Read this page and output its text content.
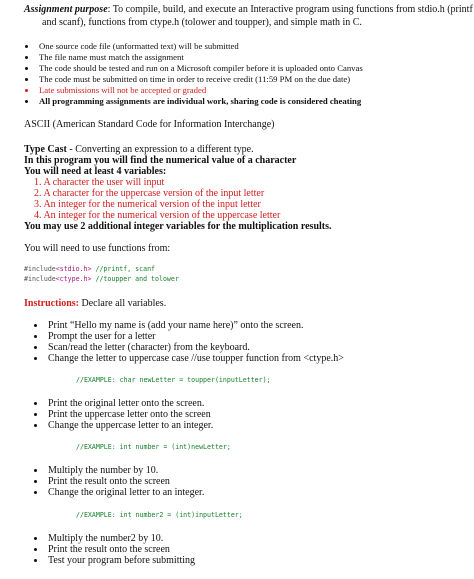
Assignment purpose: To compile, build, and execute an Interactive program using functions from stdio.h (printf
and scanf), functions from ctype.h (tolower and toupper), and simple math in C.
One source code file (unformatted text) will be submitted
The file name must match the assignment
The code should be tested and run on a Microsoft compiler before it is uploaded onto Canvas
The code must be submitted on time in order to receive credit (11:59 PM on the due date)
Late submissions will not be accepted or graded
All programming assignments are individual work, sharing code is considered cheating
ASCII (American Standard Code for Information Interchange)
Type Cast - Converting an expression to a different type.
In this program you will find the numerical value of a character
You will need at least 4 variables:
1. A character the user will input
2. A character for the uppercase version of the input letter
3. An integer for the numerical version of the input letter
4. An integer for the numerical version of the uppercase letter
You may use 2 additional integer variables for the multiplication results.
You will need to use functions from:
#include<stdio.h> //printf, scanf
#include<ctype.h> //toupper and tolower
Instructions: Declare all variables.
Print “Hello my name is (add your name here)” onto the screen.
Prompt the user for a letter
Scan/read the letter (character) from the keyboard.
Change the letter to uppercase case //use toupper function from <ctype.h>
//EXAMPLE: char newLetter = toupper(inputLetter);
Print the original letter onto the screen.
Print the uppercase letter onto the screen
Change the uppercase letter to an integer.
//EXAMPLE: int number = (int)newLetter;
Multiply the number by 10.
Print the result onto the screen
Change the original letter to an integer.
//EXAMPLE: int number2 = (int)inputLetter;
Multiply the number2 by 10.
Print the result onto the screen
Test your program before submitting
